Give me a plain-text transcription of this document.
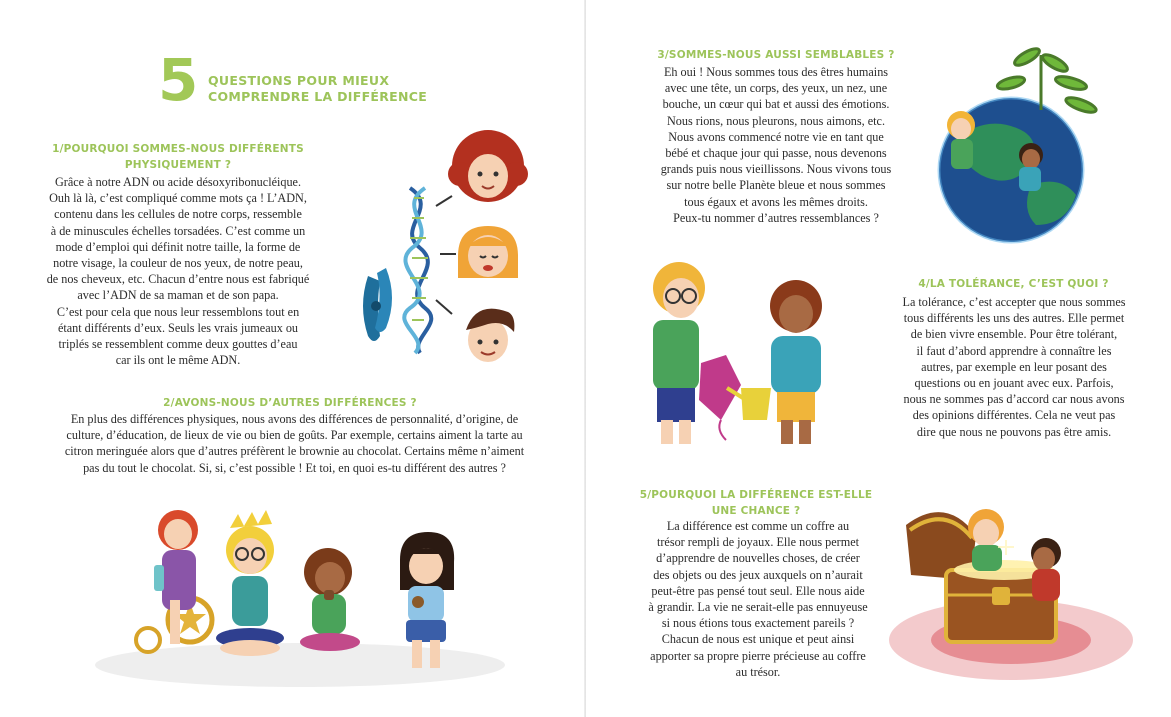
5 QUESTIONS POUR MIEUX
COMPRENDRE LA DIFFÉRENCE
1/POURQUOI SOMMES-NOUS DIFFÉRENTS
PHYSIQUEMENT ?
Grâce à notre ADN ou acide désoxyribonucléique.
Ouh là là, c’est compliqué comme mots ça ! L’ADN,
contenu dans les cellules de notre corps, ressemble
à de minuscules échelles torsadées. C’est comme un
mode d’emploi qui définit notre taille, la forme de
notre visage, la couleur de nos yeux, de notre peau,
de nos cheveux, etc. Chacun d’entre nous est fabriqué
avec l’ADN de sa maman et de son papa.
C’est pour cela que nous leur ressemblons tout en
étant différents d’eux. Seuls les vrais jumeaux ou
triplés se ressemblent comme deux gouttes d’eau
car ils ont le même ADN.
2/AVONS-NOUS D’AUTRES DIFFÉRENCES ?
En plus des différences physiques, nous avons des différences de personnalité, d’origine, de
culture, d’éducation, de lieux de vie ou bien de goûts. Par exemple, certains aiment la tarte au
citron meringuée alors que d’autres préfèrent le brownie au chocolat. Certains même n’aiment
pas du tout le chocolat. Si, si, c’est possible ! Et toi, en quoi es-tu différent des autres ?
3/SOMMES-NOUS AUSSI SEMBLABLES ?
Eh oui ! Nous sommes tous des êtres humains
avec une tête, un corps, des yeux, un nez, une
bouche, un cœur qui bat et aussi des émotions.
Nous rions, nous pleurons, nous aimons, etc.
Nous avons commencé notre vie en tant que
bébé et chaque jour qui passe, nous devenons
grands puis nous vieillissons. Nous vivons tous
sur notre belle Planète bleue et nous sommes
tous égaux et avons les mêmes droits.
Peux-tu nommer d’autres ressemblances ?
4/LA TOLÉRANCE, C’EST QUOI ?
La tolérance, c’est accepter que nous sommes
tous différents les uns des autres. Elle permet
de bien vivre ensemble. Pour être tolérant,
il faut d’abord apprendre à connaître les
autres, par exemple en leur posant des
questions ou en jouant avec eux. Parfois,
nous ne sommes pas d’accord car nous avons
des opinions différentes. Cela ne veut pas
dire que nous ne pouvons pas être amis.
5/POURQUOI LA DIFFÉRENCE EST-ELLE
UNE CHANCE ?
La différence est comme un coffre au
trésor rempli de joyaux. Elle nous permet
d’apprendre de nouvelles choses, de créer
des objets ou des jeux auxquels on n’aurait
peut-être pas pensé tout seul. Elle nous aide
à grandir. La vie ne serait-elle pas ennuyeuse
si nous étions tous exactement pareils ?
Chacun de nous est unique et peut ainsi
apporter sa propre pierre précieuse au coffre
au trésor.
